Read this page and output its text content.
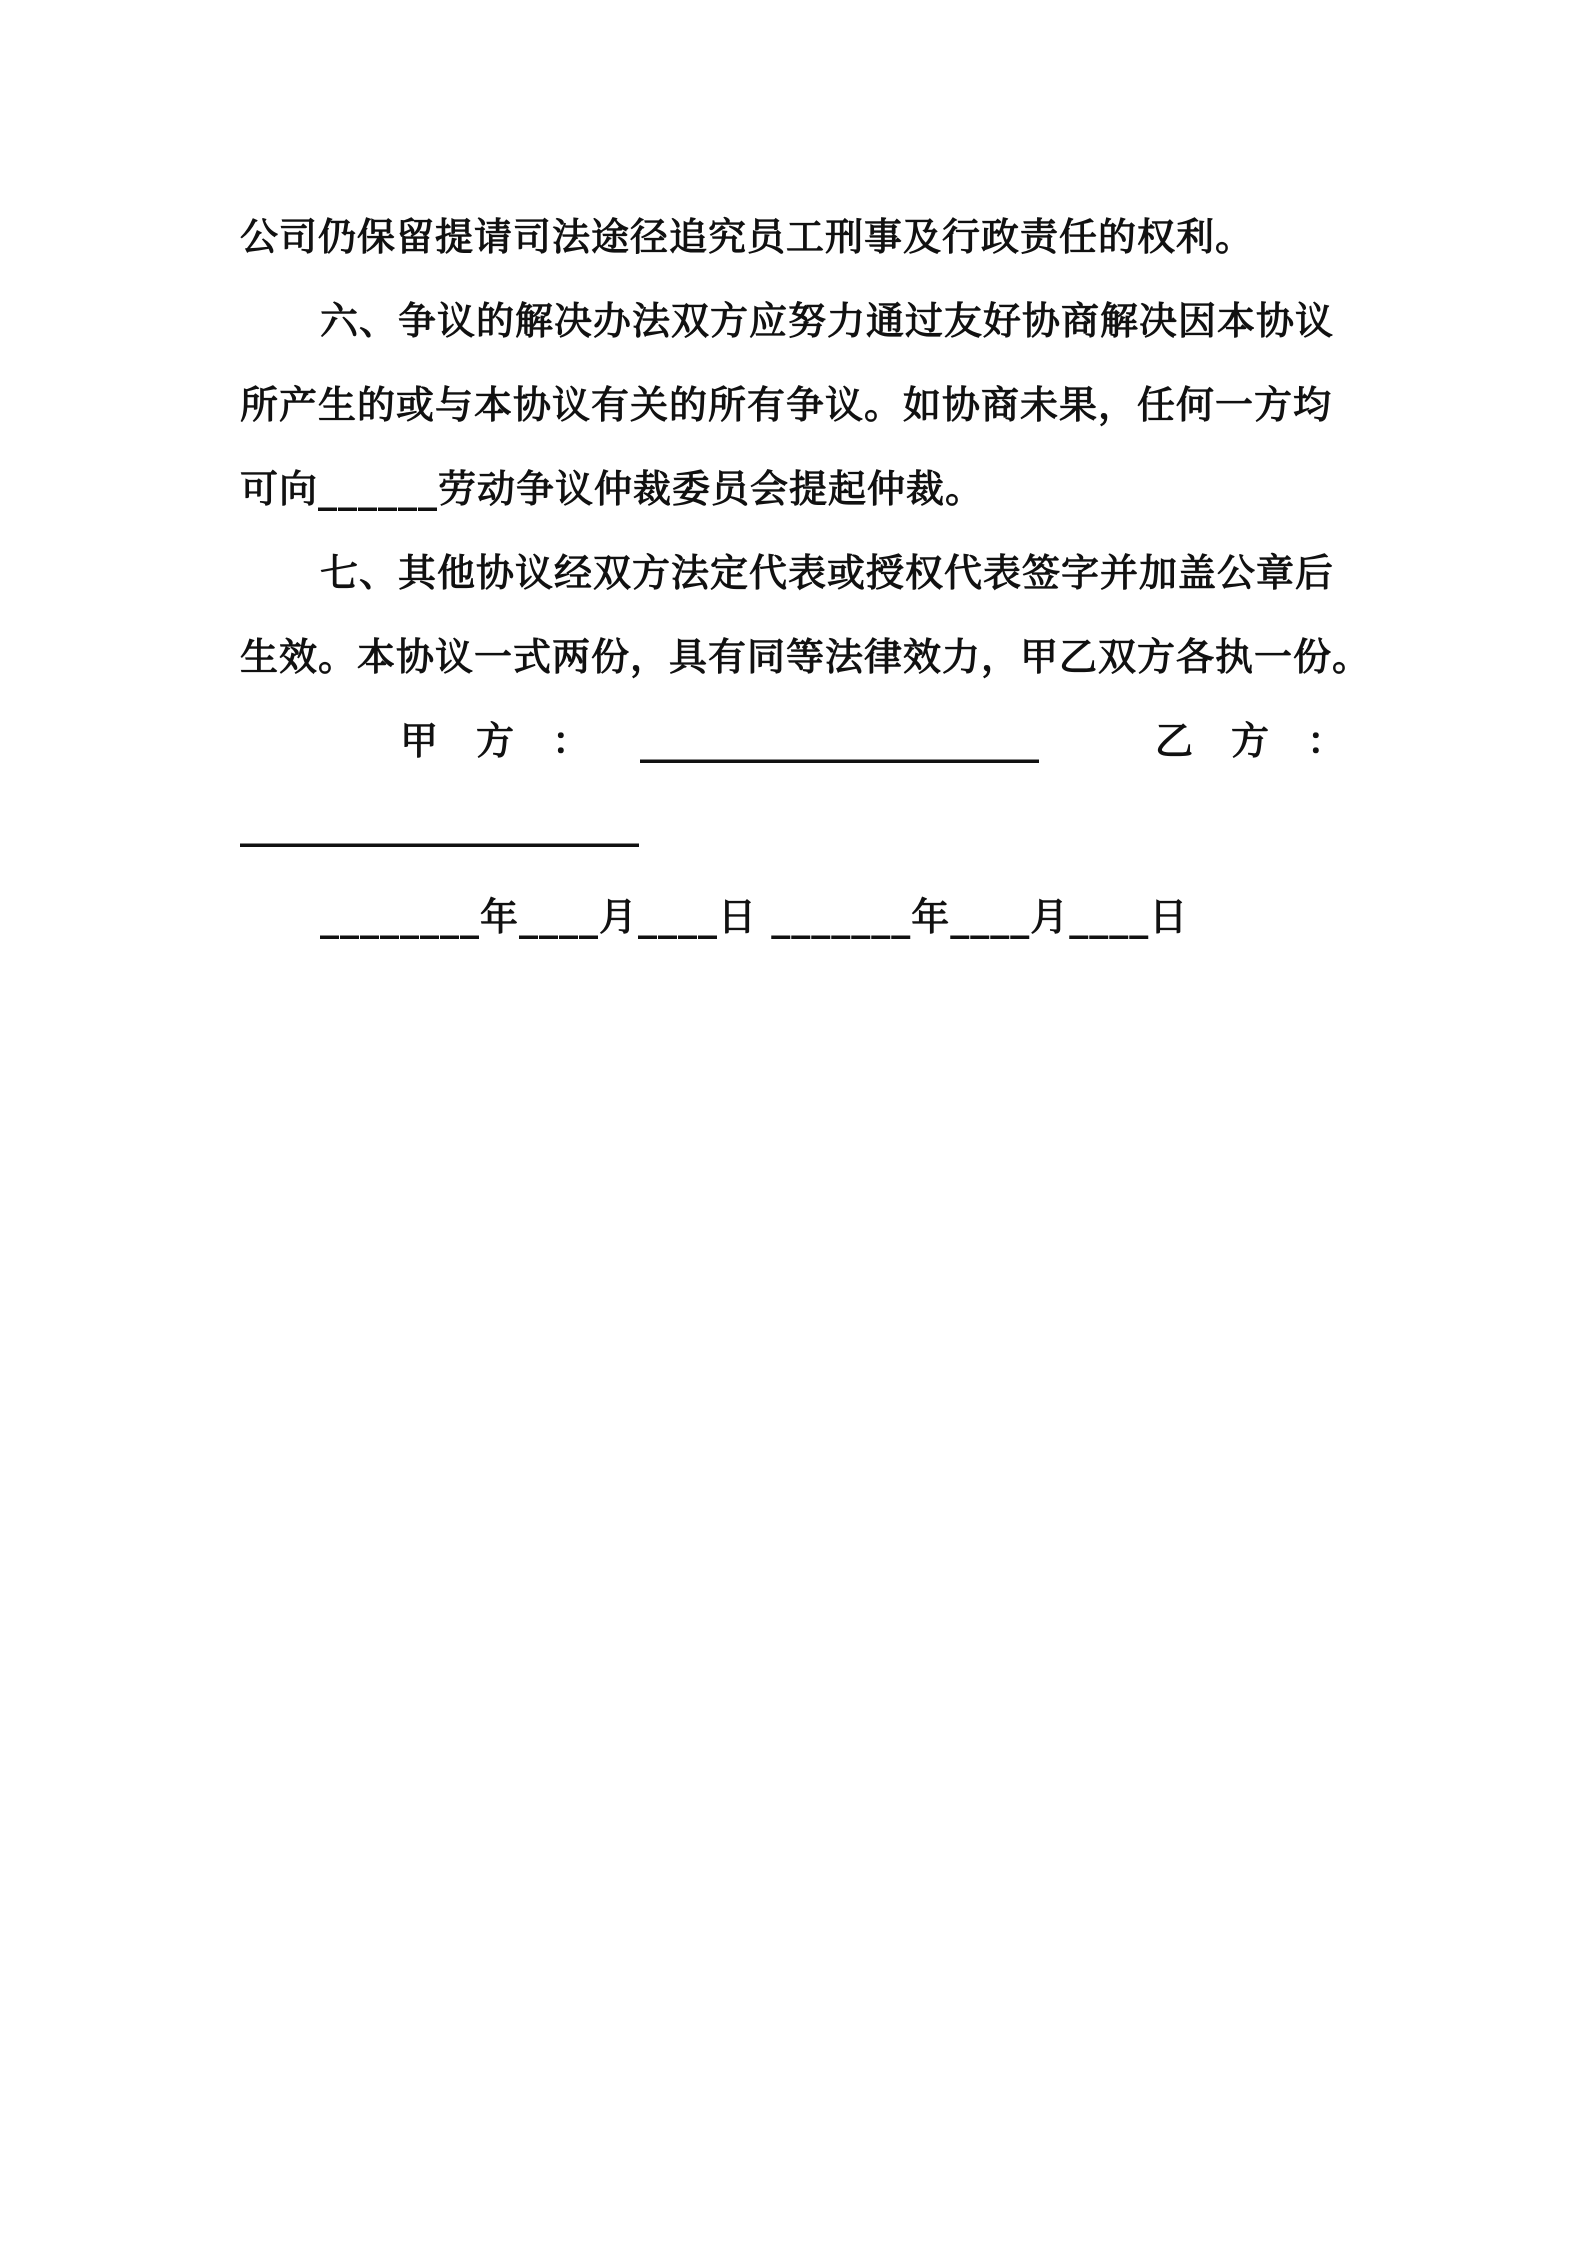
公司仍保留提请司法途径追究员工刑事及行政责任的权利。
六、争议的解决办法双方应努力通过友好协商解决因本协议
所产生的或与本协议有关的所有争议。如协商未果，任何一方均
可向______劳动争议仲裁委员会提起仲裁。
七、其他协议经双方法定代表或授权代表签字并加盖公章后
生效。本协议一式两份，具有同等法律效力，甲乙双方各执一份。
甲　方　： _____________________	乙　方　：
_____________________
________年____月____日 _______年____月____日
